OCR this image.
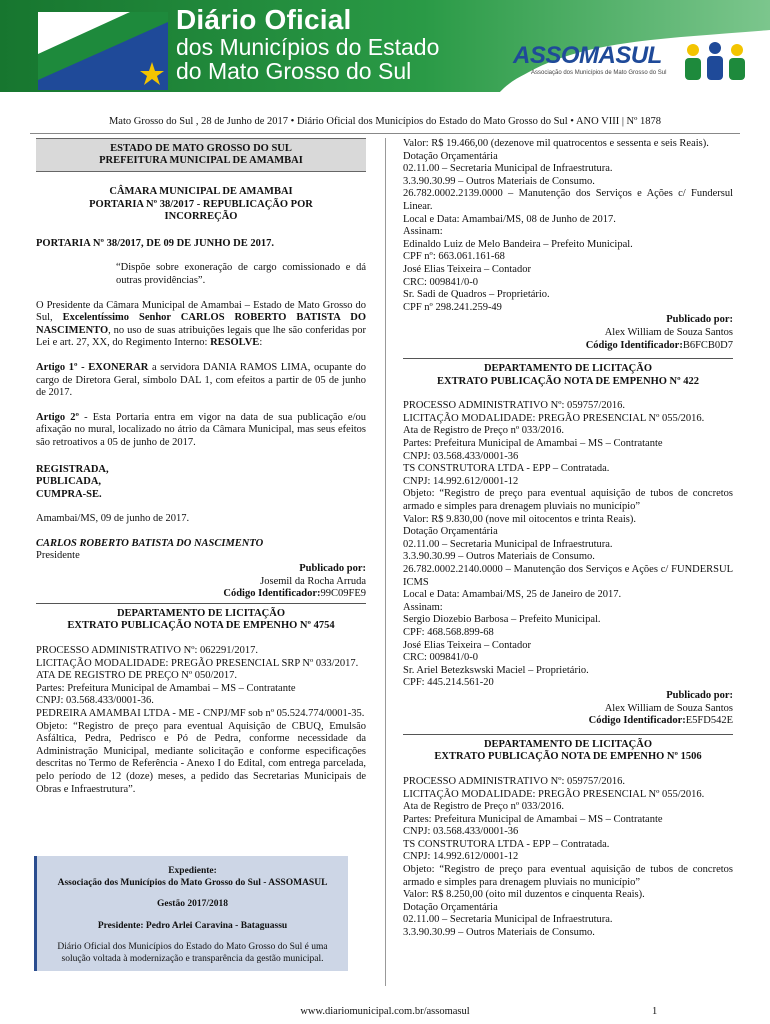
Diário Oficial
dos Municípios do Estado
do Mato Grosso do Sul
ASSOMASUL
Associação dos Municípios de Mato Grosso do Sul
Mato Grosso do Sul , 28 de Junho de 2017 • Diário Oficial dos Municípios do Estado do Mato Grosso do Sul • ANO VIII | Nº 1878
ESTADO DE MATO GROSSO DO SUL
PREFEITURA MUNICIPAL DE AMAMBAI

CÂMARA MUNICIPAL DE AMAMBAI

PORTARIA Nº 38/2017 - REPUBLICAÇÃO POR

INCORREÇÃO

PORTARIA Nº 38/2017, DE 09 DE JUNHO DE 2017.

“Dispõe sobre exoneração de cargo comissionado e dá outras providências”.

O Presidente da Câmara Municipal de Amambai – Estado de Mato Grosso do Sul, Excelentíssimo Senhor CARLOS ROBERTO BATISTA DO NASCIMENTO, no uso de suas atribuições legais que lhe são conferidas por Lei e art. 27, XX, do Regimento Interno: RESOLVE:

Artigo 1º - EXONERAR a servidora DANIA RAMOS LIMA, ocupante do cargo de Diretora Geral, símbolo DAL 1, com efeitos a partir de 05 de junho de 2017.

Artigo 2º - Esta Portaria entra em vigor na data de sua publicação e/ou afixação no mural, localizado no átrio da Câmara Municipal, mas seus efeitos são retroativos a 05 de junho de 2017.

REGISTRADA,

PUBLICADA,

CUMPRA-SE.

Amambai/MS, 09 de junho de 2017.

CARLOS ROBERTO BATISTA DO NASCIMENTO

Presidente

Publicado por:

Josemil da Rocha Arruda

Código Identificador:99C09FE9

DEPARTAMENTO DE LICITAÇÃO

EXTRATO PUBLICAÇÃO NOTA DE EMPENHO Nº 4754

PROCESSO ADMINISTRATIVO Nº: 062291/2017.

LICITAÇÃO MODALIDADE: PREGÃO PRESENCIAL SRP Nº 033/2017.

ATA DE REGISTRO DE PREÇO Nº 050/2017.

Partes: Prefeitura Municipal de Amambai – MS – Contratante

CNPJ: 03.568.433/0001-36.

PEDREIRA AMAMBAI LTDA - ME - CNPJ/MF sob nº 05.524.774/0001-35.

Objeto: “Registro de preço para eventual Aquisição de CBUQ, Emulsão Asfáltica, Pedra, Pedrisco e Pó de Pedra, conforme necessidade da Administração Municipal, mediante solicitação e conforme especificações descritas no Termo de Referência - Anexo I do Edital, com entrega parcelada, pelo período de 12 (doze) meses, a pedido das Secretarias Municipais de Obras e Infraestrutura”.

Expediente:

Associação dos Municípios do Mato Grosso do Sul - ASSOMASUL

Gestão 2017/2018

Presidente: Pedro Arlei Caravina - Bataguassu

Diário Oficial dos Municípios do Estado do Mato Grosso do Sul é uma solução voltada à modernização e transparência da gestão municipal.

Valor: R$ 19.466,00 (dezenove mil quatrocentos e sessenta e seis Reais).

Dotação Orçamentária

02.11.00 – Secretaria Municipal de Infraestrutura.

3.3.90.30.99 – Outros Materiais de Consumo.

26.782.0002.2139.0000 – Manutenção dos Serviços e Ações c/ Fundersul Linear.

Local e Data: Amambai/MS, 08 de Junho de 2017.

Assinam:

Edinaldo Luiz de Melo Bandeira – Prefeito Municipal.

CPF nº: 663.061.161-68

José Elias Teixeira – Contador

CRC: 009841/0-0

Sr. Sadi de Quadros – Proprietário.

CPF nº 298.241.259-49

Publicado por:

Alex William de Souza Santos

Código Identificador:B6FCB0D7

DEPARTAMENTO DE LICITAÇÃO

EXTRATO PUBLICAÇÃO NOTA DE EMPENHO Nº 422

PROCESSO ADMINISTRATIVO Nº: 059757/2016.

LICITAÇÃO MODALIDADE: PREGÃO PRESENCIAL Nº 055/2016.

Ata de Registro de Preço nº 033/2016.

Partes: Prefeitura Municipal de Amambai – MS – Contratante

CNPJ: 03.568.433/0001-36

TS CONSTRUTORA LTDA - EPP – Contratada.

CNPJ: 14.992.612/0001-12

Objeto: “Registro de preço para eventual aquisição de tubos de concretos armado e simples para drenagem pluviais no município”

Valor: R$ 9.830,00 (nove mil oitocentos e trinta Reais).

Dotação Orçamentária

02.11.00 – Secretaria Municipal de Infraestrutura.

3.3.90.30.99 – Outros Materiais de Consumo.

26.782.0002.2140.0000 – Manutenção dos Serviços e Ações c/ FUNDERSUL ICMS

Local e Data: Amambai/MS, 25 de Janeiro de 2017.

Assinam:

Sergio Diozebio Barbosa – Prefeito Municipal.

CPF: 468.568.899-68

José Elias Teixeira – Contador

CRC: 009841/0-0

Sr. Ariel Betezkswski Maciel – Proprietário.

CPF: 445.214.561-20

Publicado por:

Alex William de Souza Santos

Código Identificador:E5FD542E

DEPARTAMENTO DE LICITAÇÃO

EXTRATO PUBLICAÇÃO NOTA DE EMPENHO Nº 1506

PROCESSO ADMINISTRATIVO Nº: 059757/2016.

LICITAÇÃO MODALIDADE: PREGÃO PRESENCIAL Nº 055/2016.

Ata de Registro de Preço nº 033/2016.

Partes: Prefeitura Municipal de Amambai – MS – Contratante

CNPJ: 03.568.433/0001-36

TS CONSTRUTORA LTDA - EPP – Contratada.

CNPJ: 14.992.612/0001-12

Objeto: “Registro de preço para eventual aquisição de tubos de concretos armado e simples para drenagem pluviais no município”

Valor: R$ 8.250,00 (oito mil duzentos e cinquenta Reais).

Dotação Orçamentária

02.11.00 – Secretaria Municipal de Infraestrutura.

3.3.90.30.99 – Outros Materiais de Consumo.

www.diariomunicipal.com.br/assomasul	1
